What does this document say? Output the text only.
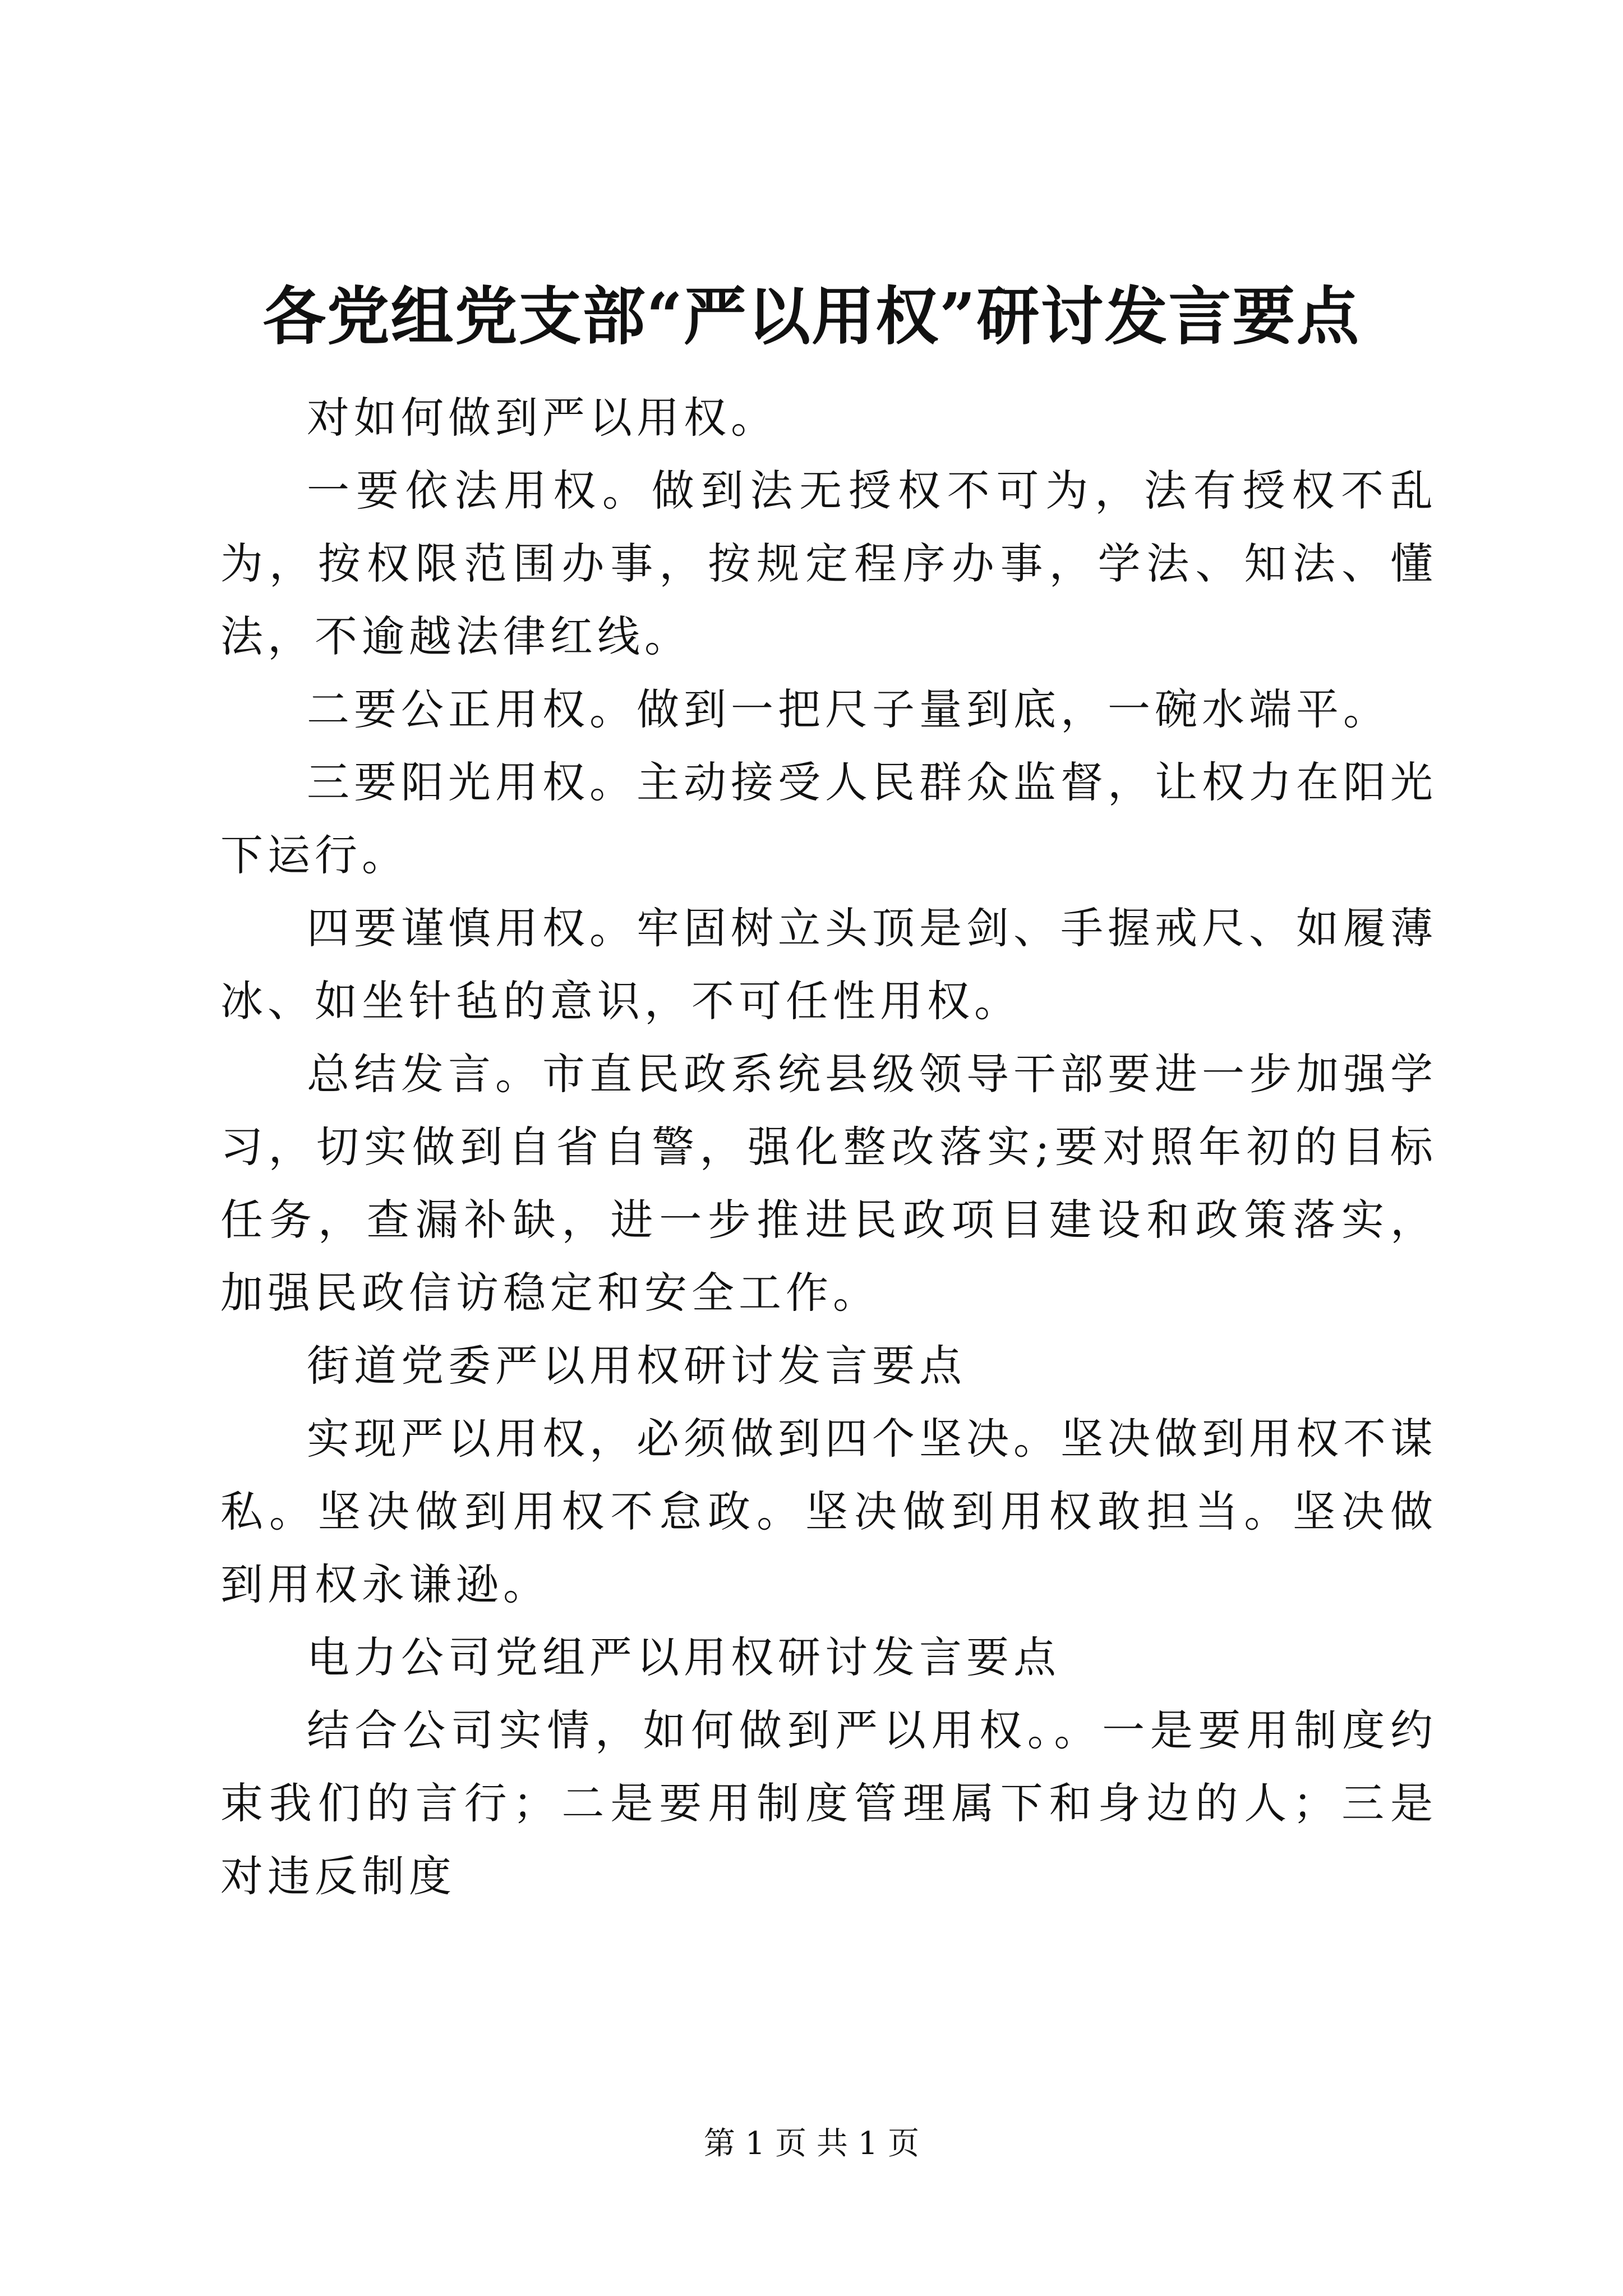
各党组党支部“严以用权”研讨发言要点

对如何做到严以用权。

一要依法用权。做到法无授权不可为，法有授权不乱为，按权限范围办事，按规定程序办事，学法、知法、懂法，不逾越法律红线。

二要公正用权。做到一把尺子量到底，一碗水端平。

三要阳光用权。主动接受人民群众监督，让权力在阳光下运行。

四要谨慎用权。牢固树立头顶是剑、手握戒尺、如履薄冰、如坐针毡的意识，不可任性用权。

总结发言。市直民政系统县级领导干部要进一步加强学习，切实做到自省自警，强化整改落实;要对照年初的目标任务，查漏补缺，进一步推进民政项目建设和政策落实，加强民政信访稳定和安全工作。

街道党委严以用权研讨发言要点

实现严以用权，必须做到四个坚决。坚决做到用权不谋私。坚决做到用权不怠政。坚决做到用权敢担当。坚决做到用权永谦逊。

电力公司党组严以用权研讨发言要点

结合公司实情，如何做到严以用权。。一是要用制度约束我们的言行；二是要用制度管理属下和身边的人；三是对违反制度

第 1 页 共 1 页
